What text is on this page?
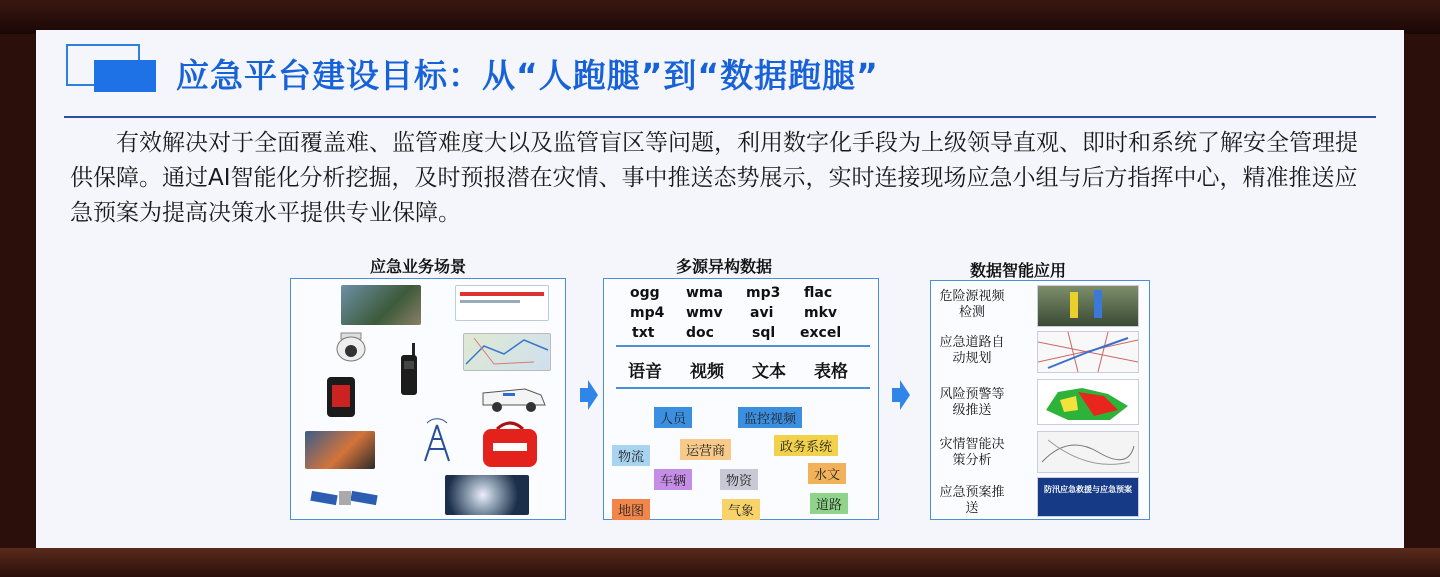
应急平台建设目标：从“人跑腿”到“数据跑腿”

有效解决对于全面覆盖难、监管难度大以及监管盲区等问题，利用数字化手段为上级领导直观、即时和系统了解安全管理提供保障。通过AI智能化分析挖掘，及时预报潜在灾情、事中推送态势展示，实时连接现场应急小组与后方指挥中心，精准推送应急预案为提高决策水平提供专业保障。

应急业务场景	多源异构数据
ogg wma mp3 flac
mp4 wmv avi mkv
txt doc	sql excel
语音 视频 文本 表格
人员	监控视频
物流	运营商	政务系统
车辆	物资	水文
地图	气象	道路
数据智能应用
危险源视频检测
应急道路自动规划
风险预警等级推送
灾情智能决策分析
应急预案推送
防汛应急救援与应急预案
